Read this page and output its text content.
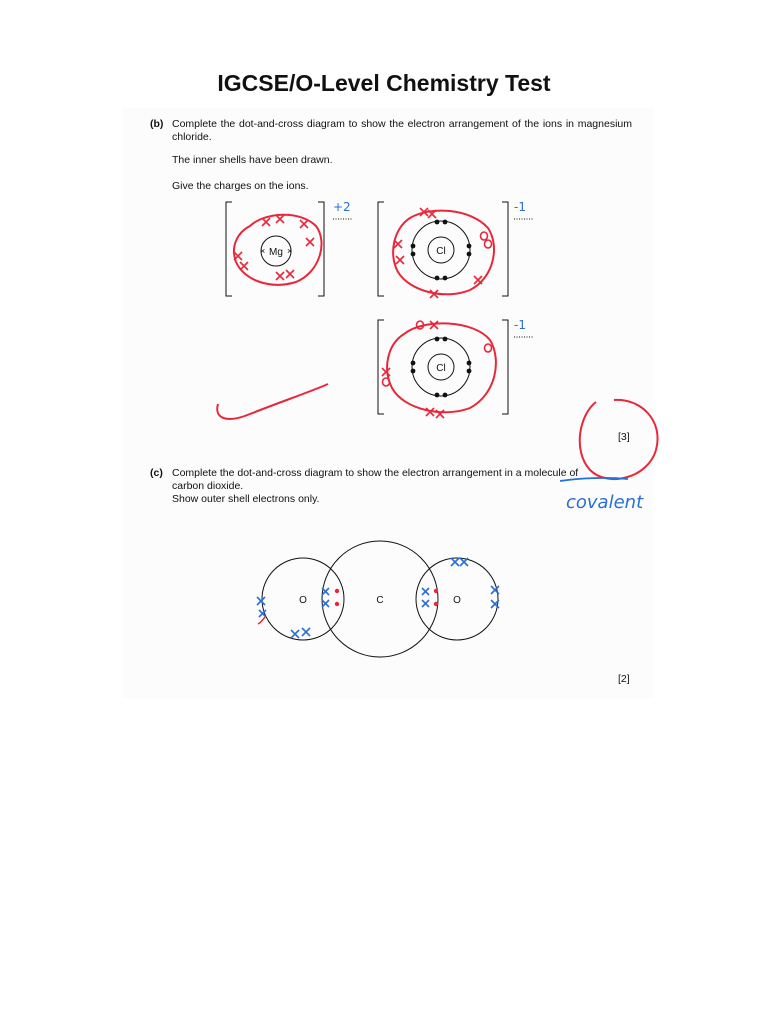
IGCSE/O-Level Chemistry Test
(b) Complete the dot-and-cross diagram to show the electron arrangement of the ions in magnesium chloride.
The inner shells have been drawn.
Give the charges on the ions.
[3]
(c) Complete the dot-and-cross diagram to show the electron arrangement in a molecule of
carbon dioxide.
Show outer shell electrons only.
[2]
Mg
× ×
+2
Cl
-1
Cl
-1
covalent
O	C	O
